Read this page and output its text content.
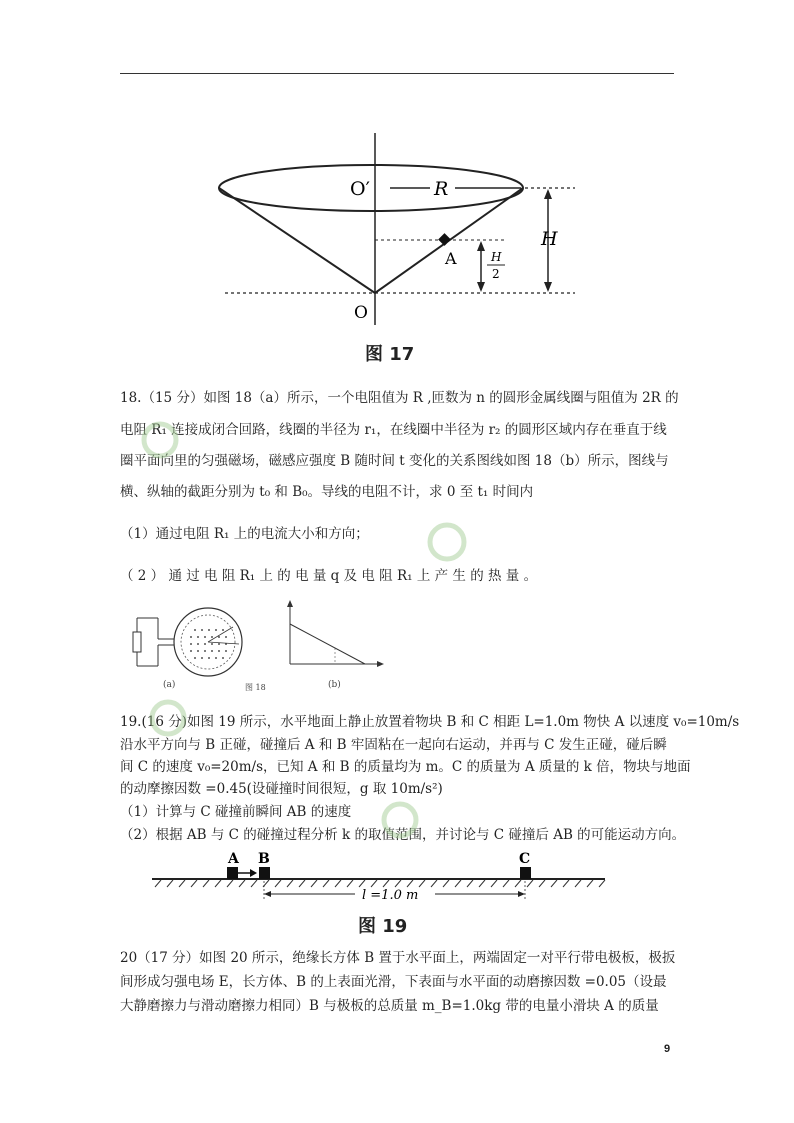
O′	R
H
A	H
2
O
图 17
18.（15 分）如图 18（a）所示，一个电阻值为 R ,匝数为 n 的圆形金属线圈与阻值为 2R 的
电阻 R₁ 连接成闭合回路，线圈的半径为 r₁，在线圈中半径为 r₂ 的圆形区域内存在垂直于线
圈平面向里的匀强磁场，磁感应强度 B 随时间 t 变化的关系图线如图 18（b）所示，图线与
横、纵轴的截距分别为 t₀ 和 B₀。导线的电阻不计，求 0 至 t₁ 时间内
（1）通过电阻 R₁ 上的电流大小和方向；
（ 2 ） 通 过 电 阻 R₁ 上 的 电 量 q 及 电 阻 R₁ 上 产 生 的 热 量 。
(a)	图 18	(b)
19.(16 分)如图 19 所示，水平地面上静止放置着物块 B 和 C 相距 L=1.0m 物快 A 以速度 v₀=10m/s
沿水平方向与 B 正碰，碰撞后 A 和 B 牢固粘在一起向右运动，并再与 C 发生正碰，碰后瞬
间 C 的速度 v₀=20m/s，已知 A 和 B 的质量均为 m。C 的质量为 A 质量的 k 倍，物块与地面
的动摩擦因数 =0.45(设碰撞时间很短，g 取 10m/s²)
（1）计算与 C 碰撞前瞬间 AB 的速度
（2）根据 AB 与 C 的碰撞过程分析 k 的取值范围，并讨论与 C 碰撞后 AB 的可能运动方向。
A B	C
l =1.0 m
图 19
20（17 分）如图 20 所示，绝缘长方体 B 置于水平面上，两端固定一对平行带电极板，极扳
间形成匀强电场 E，长方体、B 的上表面光滑，下表面与水平面的动磨擦因数 =0.05（设最
大静磨擦力与滑动磨擦力相同）B 与极板的总质量 m_B=1.0kg 带的电量小滑块 A 的质量
9
